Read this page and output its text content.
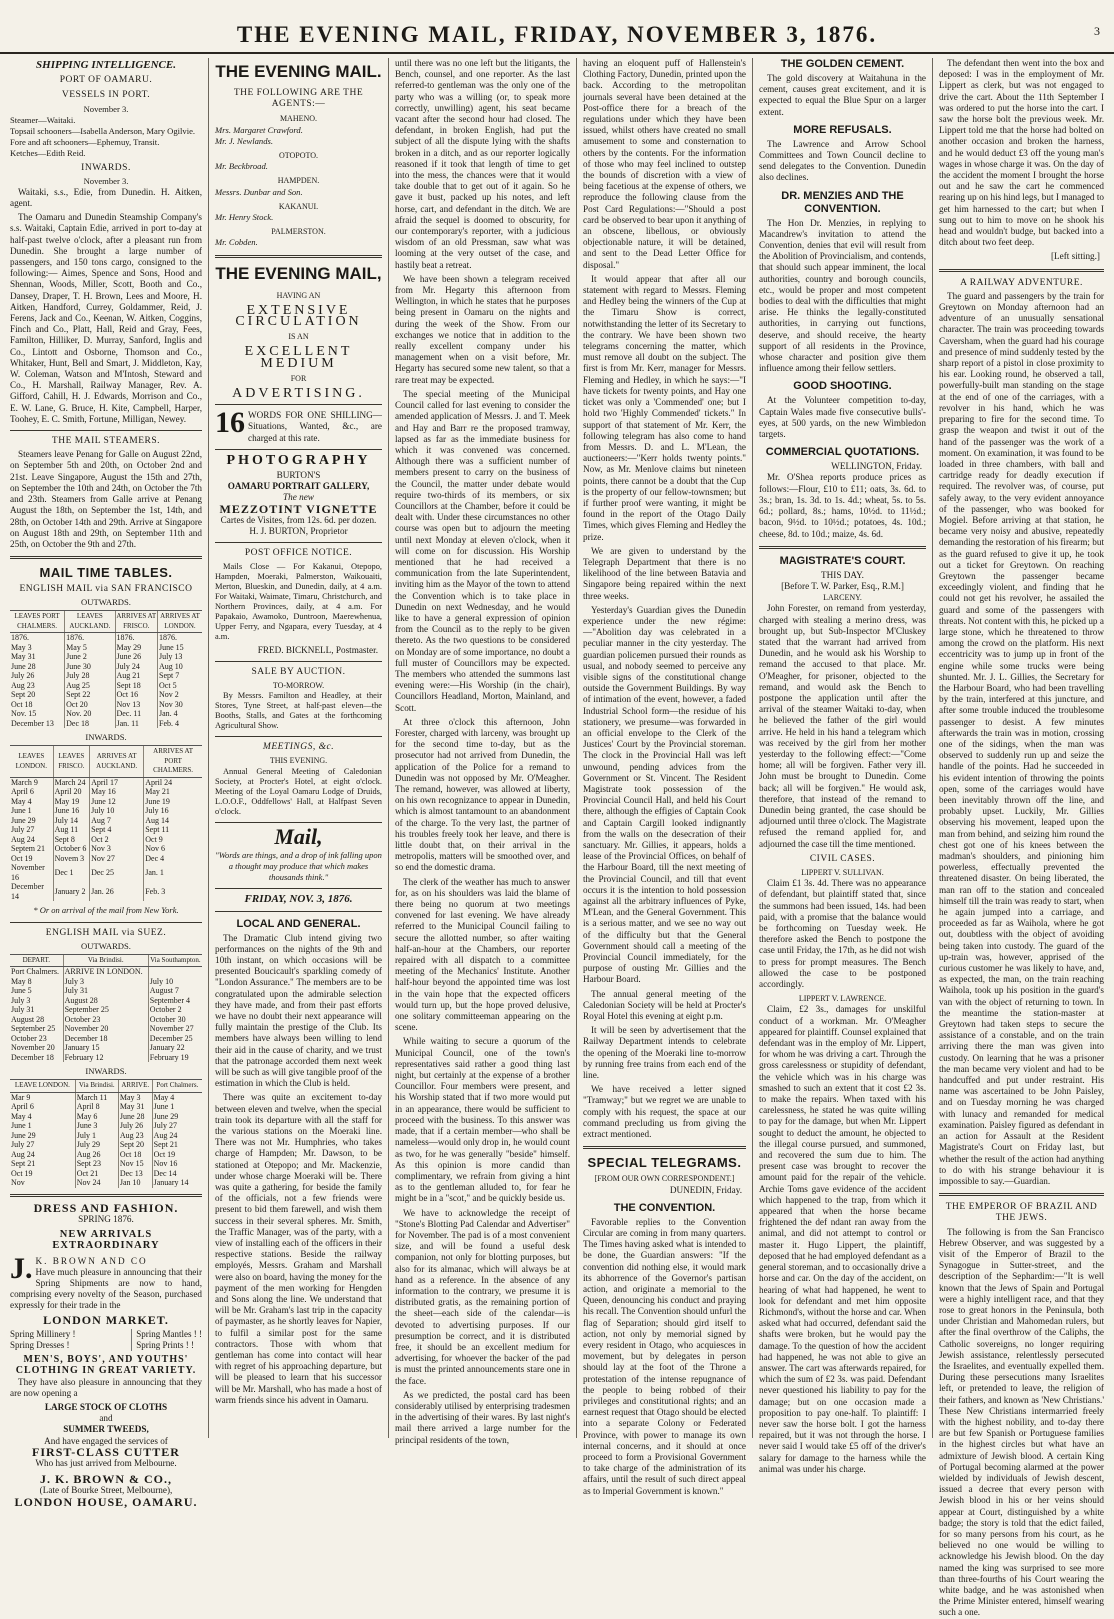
THE EVENING MAIL, FRIDAY, NOVEMBER 3, 1876.	3
SHIPPING INTELLIGENCE.
PORT OF OAMARU.
VESSELS IN PORT.
November 3.
Steamer—Waitaki.
Topsail schooners—Isabella Anderson, Mary Ogilvie.
Fore and aft schooners—Ephemuy, Transit.
Ketches—Edith Reid.
INWARDS.
November 3.

Waitaki, s.s., Edie, from Dunedin. H. Aitken, agent.

The Oamaru and Dunedin Steamship Company's s.s. Waitaki, Captain Edie, arrived in port to-day at half-past twelve o'clock, after a pleasant run from Dunedin. She brought a large number of passengers, and 150 tons cargo, consigned to the following:— Aimes, Spence and Sons, Hood and Shennan, Woods, Miller, Scott, Booth and Co., Dansey, Draper, T. H. Brown, Lees and Moore, H. Aitken, Handford, Currey, Goldammer, Reid, J. Ferens, Jack and Co., Keenan, W. Aitken, Coggins, Finch and Co., Platt, Hall, Reid and Gray, Fees, Familton, Hilliker, D. Murray, Sanford, Inglis and Co., Lintott and Osborne, Thomson and Co., Whitaker, Hunt, Bell and Smart, J. Middleton, Kay, W. Coleman, Watson and M'Intosh, Steward and Co., H. Marshall, Railway Manager, Rev. A. Gifford, Cahill, H. J. Edwards, Morrison and Co., E. W. Lane, G. Bruce, H. Kite, Campbell, Harper, Toohey, E. C. Smith, Fortune, Milligan, Newey.

THE MAIL STEAMERS.

Steamers leave Penang for Galle on August 22nd, on September 5th and 20th, on October 2nd and 21st. Leave Singapore, August the 15th and 27th, on September the 10th and 24th, on October the 7th and 23th. Steamers from Galle arrive at Penang August the 18th, on September the 1st, 14th, and 28th, on October 14th and 29th. Arrive at Singapore on August 18th and 29th, on September 11th and 25th, on October the 9th and 27th.

MAIL TIME TABLES.
ENGLISH MAIL via SAN FRANCISCO
OUTWARDS.
LEAVES PORT CHALMERS.	LEAVES AUCKLAND.	ARRIVES AT FRISCO.	ARRIVES AT LONDON.
1876.	1876.	1876.	1876.
May 3	May 5	May 29	June 15
May 31	June 2	June 26	July 13
June 28	June 30	July 24	Aug 10
July 26	July 28	Aug 21	Sept 7
Aug 23	Aug 25	Sept 18	Oct 5
Sept 20	Sept 22	Oct 16	Nov 2
Oct 18	Oct 20	Nov 13	Nov 30
Nov. 15	Nov. 20	Dec. 11	Jan. 4
December 13	Dec 18	Jan. 11	Feb. 4
INWARDS.
LEAVES LONDON.	LEAVES FRISCO.	ARRIVES AT AUCKLAND.	ARRIVES AT PORT CHALMERS.
March 9	March 24	April 17	April 24
April 6	April 20	May 16	May 21
May 4	May 19	June 12	June 19
June 1	June 16	July 10	July 16
June 29	July 14	Aug 7	Aug 14
July 27	Aug 11	Sept 4	Sept 11
Aug 24	Sept 8	Oct 2	Oct 9
Septem 21	October 6	Nov 3	Nov 6
Oct 19	Novem 3	Nov 27	Dec 4
November 16	Dec 1	Dec 25	Jan. 1
December 14	January 2	Jan. 26	Feb. 3
* Or on arrival of the mail from New York.
ENGLISH MAIL via SUEZ.
OUTWARDS.
DEPART.	Via Brindisi.	Via Southampton.
Port Chalmers.	ARRIVE IN LONDON.	
May 8	July 3	July 10
June 5	July 31	August 7
July 3	August 28	September 4
July 31	September 25	October 2
August 28	October 23	October 30
September 25	November 20	November 27
October 23	December 18	December 25
November 20	January 15	January 22
December 18	February 12	February 19
INWARDS.
LEAVE LONDON.	Via Brindisi.	ARRIVE.	Port Chalmers.
Mar 9	March 11	May 3	May 4
April 6	April 8	May 31	June 1
May 4	May 6	June 28	June 29
June 1	June 3	July 26	July 27
June 29	July 1	Aug 23	Aug 24
July 27	July 29	Sept 20	Sept 21
Aug 24	Aug 26	Oct 18	Oct 19
Sept 21	Sept 23	Nov 15	Nov 16
Oct 19	Oct 21	Dec 13	Dec 14
Nov	Nov 24	Jan 10	January 14
DRESS AND FASHION.
SPRING 1876.
NEW ARRIVALS EXTRAORDINARY
J. K. BROWN AND CO

Have much pleasure in announcing that their Spring Shipments are now to hand, comprising every novelty of the Season, purchased expressly for their trade in the

LONDON MARKET.
Spring Millinery !
Spring Dresses !
Spring Mantles ! !
Spring Prints ! !
MEN'S, BOYS', AND YOUTHS' CLOTHING IN GREAT VARIETY.

They have also pleasure in announcing that they are now opening a

LARGE STOCK OF CLOTHS
and
SUMMER TWEEDS,
And have engaged the services of
FIRST-CLASS CUTTER
Who has just arrived from Melbourne.
J. K. BROWN & CO.,
(Late of Bourke Street, Melbourne),
LONDON HOUSE, OAMARU.
THE EVENING MAIL.
THE FOLLOWING ARE THE AGENTS:—
MAHENO.
Mrs. Margaret Crawford.
Mr. J. Newlands.
OTOPOTO.
Mr. Beckbroad.
HAMPDEN.
Messrs. Dunbar and Son.
KAKANUI.
Mr. Henry Stock.
PALMERSTON.
Mr. Cobden.
THE EVENING MAIL,
HAVING AN
EXTENSIVE CIRCULATION
IS AN
EXCELLENT MEDIUM
FOR
ADVERTISING.
16 WORDS FOR ONE SHILLING—Situations, Wanted, &c., are charged at this rate.

PHOTOGRAPHY
BURTON'S
OAMARU PORTRAIT GALLERY,
The new
MEZZOTINT VIGNETTE
Cartes de Visites, from 12s. 6d. per dozen.
H. J. BURTON, Proprietor
POST OFFICE NOTICE.

Mails Close — For Kakanui, Otepopo, Hampden, Moeraki, Palmerston, Waikouaiti, Merton, Blueskin, and Dunedin, daily, at 4 a.m. For Waitaki, Waimate, Timaru, Christchurch, and Northern Provinces, daily, at 4 a.m. For Papakaio, Awamoko, Duntroon, Maerewhenua, Upper Ferry, and Ngapara, every Tuesday, at 4 a.m.

FRED. BICKNELL, Postmaster.
SALE BY AUCTION.
TO-MORROW.

By Messrs. Familton and Headley, at their Stores, Tyne Street, at half-past eleven—the Booths, Stalls, and Gates at the forthcoming Agricultural Show.

MEETINGS, &c.
THIS EVENING.

Annual General Meeting of Caledonian Society, at Procter's Hotel, at eight o'clock. Meeting of the Loyal Oamaru Lodge of Druids, L.O.O.F., Oddfellows' Hall, at Halfpast Seven o'clock.

Mail,
"Words are things, and a drop of ink falling upon a thought may produce that which makes thousands think."
FRIDAY, NOV. 3, 1876.
LOCAL AND GENERAL.

The Dramatic Club intend giving two performances on the nights of the 9th and 10th instant, on which occasions will be presented Boucicault's sparkling comedy of "London Assurance." The members are to be congratulated upon the admirable selection they have made, and from their past efforts we have no doubt their next appearance will fully maintain the prestige of the Club. Its members have always been willing to lend their aid in the cause of charity, and we trust that the patronage accorded them next week will be such as will give tangible proof of the estimation in which the Club is held.

There was quite an excitement to-day between eleven and twelve, when the special train took its departure with all the staff for the various stations on the Moeraki line. There was not Mr. Humphries, who takes charge of Hampden; Mr. Dawson, to be stationed at Otepopo; and Mr. Mackenzie, under whose charge Moeraki will be. There was quite a gathering, for beside the family of the officials, not a few friends were present to bid them farewell, and wish them success in their several spheres. Mr. Smith, the Traffic Manager, was of the party, with a view of installing each of the officers in their respective stations. Beside the railway employés, Messrs. Graham and Marshall were also on board, having the money for the payment of the men working for Hengden and Sons along the line. We understand that will be Mr. Graham's last trip in the capacity of paymaster, as he shortly leaves for Napier, to fulfil a similar post for the same contractors. Those with whom that gentleman has come into contact will hear with regret of his approaching departure, but will be pleased to learn that his successor will be Mr. Marshall, who has made a host of warm friends since his advent in Oamaru.

until there was no one left but the litigants, the Bench, counsel, and one reporter. As the last referred-to gentleman was the only one of the party who was a willing (or, to speak more correctly, unwilling) agent, his seat became vacant after the second hour had closed. The defendant, in broken English, had put the subject of all the dispute lying with the shafts broken in a ditch, and as our reporter logically reasoned if it took that length of time to get into the mess, the chances were that it would take double that to get out of it again. So he gave it bust, packed up his notes, and left horse, cart, and defendant in the ditch. We are afraid the sequel is doomed to obscurity, for our contemporary's reporter, with a judicious wisdom of an old Pressman, saw what was looming at the very outset of the case, and hastily beat a retreat.

We have been shown a telegram received from Mr. Hegarty this afternoon from Wellington, in which he states that he purposes being present in Oamaru on the nights and during the week of the Show. From our exchanges we notice that in addition to the really excellent company under his management when on a visit before, Mr. Hegarty has secured some new talent, so that a rare treat may be expected.

The special meeting of the Municipal Council called for last evening to consider the amended application of Messrs. J. and T. Meek and Hay and Barr re the proposed tramway, lapsed as far as the immediate business for which it was convened was concerned. Although there was a sufficient number of members present to carry on the business of the Council, the matter under debate would require two-thirds of its members, or six Councillors at the Chamber, before it could be dealt with. Under these circumstances no other course was open but to adjourn the meeting until next Monday at eleven o'clock, when it will come on for discussion. His Worship mentioned that he had received a communication from the late Superintendent, inviting him as the Mayor of the town to attend the Convention which is to take place in Dunedin on next Wednesday, and he would like to have a general expression of opinion from the Council as to the reply to be given thereto. As the two questions to be considered on Monday are of some importance, no doubt a full muster of Councillors may be expected. The members who attended the summons last evening were:—His Worship (in the chair), Councillors Headland, Morton, Mainland, and Scott.

At three o'clock this afternoon, John Forester, charged with larceny, was brought up for the second time to-day, but as the prosecutor had not arrived from Dunedin, the application of the Police for a remand to Dunedin was not opposed by Mr. O'Meagher. The remand, however, was allowed at liberty, on his own recognizance to appear in Dunedin, which is almost tantamount to an abandonment of the charge. To the very last, the partner of his troubles freely took her leave, and there is little doubt that, on their arrival in the metropolis, matters will be smoothed over, and so end the domestic drama.

The clerk of the weather has much to answer for, as on his shoulders was laid the blame of there being no quorum at two meetings convened for last evening. We have already referred to the Municipal Council failing to secure the allotted number, so after waiting half-an-hour at the Chambers, our reporter repaired with all dispatch to a committee meeting of the Mechanics' Institute. Another half-hour beyond the appointed time was lost in the vain hope that the expected officers would turn up, but the hope proved delusive, one solitary committeeman appearing on the scene.

While waiting to secure a quorum of the Municipal Council, one of the town's representatives said rather a good thing last night, but certainly at the expense of a brother Councillor. Four members were present, and his Worship stated that if two more would put in an appearance, there would be sufficient to proceed with the business. To this answer was made, that if a certain member—who shall be nameless—would only drop in, he would count as two, for he was generally "beside" himself. As this opinion is more candid than complimentary, we refrain from giving a hint as to the gentleman alluded to, for fear he might be in a "scot," and be quickly beside us.

We have to acknowledge the receipt of "Stone's Blotting Pad Calendar and Advertiser" for November. The pad is of a most convenient size, and will be found a useful desk companion, not only for blotting purposes, but also for its almanac, which will always be at hand as a reference. In the absence of any information to the contrary, we presume it is distributed gratis, as the remaining portion of the sheet—each side of the calendar—is devoted to advertising purposes. If our presumption be correct, and it is distributed free, it should be an excellent medium for advertising, for whoever the backer of the pad is must the printed announcements stare one in the face.

As we predicted, the postal card has been considerably utilised by enterprising tradesmen in the advertising of their wares. By last night's mail there arrived a large number for the principal residents of the town,

having an eloquent puff of Hallenstein's Clothing Factory, Dunedin, printed upon the back. According to the metropolitan journals several have been detained at the Post-office there for a breach of the regulations under which they have been issued, whilst others have created no small amusement to some and consternation to others by the contents. For the information of those who may feel inclined to outstep the bounds of discretion with a view of being facetious at the expense of others, we reproduce the following clause from the Post Card Regulations:—"Should a post card be observed to bear upon it anything of an obscene, libellous, or obviously objectionable nature, it will be detained, and sent to the Dead Letter Office for disposal."

It would appear that after all our statement with regard to Messrs. Fleming and Hedley being the winners of the Cup at the Timaru Show is correct, notwithstanding the letter of its Secretary to the contrary. We have been shown two telegrams concerning the matter, which must remove all doubt on the subject. The first is from Mr. Kerr, manager for Messrs. Fleming and Hedley, in which he says:—"I have tickets for twenty points, and Hay one ticket was only a 'Commended' one; but I hold two 'Highly Commended' tickets." In support of that statement of Mr. Kerr, the following telegram has also come to hand from Messrs. D. and L. M'Lean, the auctioneers:—"Kerr holds twenty points." Now, as Mr. Menlove claims but nineteen points, there cannot be a doubt that the Cup is the property of our fellow-townsmen; but if further proof were wanting, it might be found in the report of the Otago Daily Times, which gives Fleming and Hedley the prize.

We are given to understand by the Telegraph Department that there is no likelihood of the line between Batavia and Singapore being repaired within the next three weeks.

Yesterday's Guardian gives the Dunedin experience under the new régime:—"Abolition day was celebrated in a peculiar manner in the city yesterday. The guardian policemen pursued their rounds as usual, and nobody seemed to perceive any visible signs of the constitutional change outside the Government Buildings. By way of intimation of the event, however, a faded Industrial School form—the residue of his stationery, we presume—was forwarded in an official envelope to the Clerk of the Justices' Court by the Provincial storeman. The clock in the Provincial Hall was left unwound, pending advices from the Government or St. Vincent. The Resident Magistrate took possession of the Provincial Council Hall, and held his Court there, although the effigies of Captain Cook and Captain Cargill looked indignantly from the walls on the desecration of their sanctuary. Mr. Gillies, it appears, holds a lease of the Provincial Offices, on behalf of the Harbour Board, till the next meeting of the Provincial Council, and till that event occurs it is the intention to hold possession against all the arbitrary influences of Pyke, M'Lean, and the General Government. This is a serious matter, and we see no way out of the difficulty but that the General Government should call a meeting of the Provincial Council immediately, for the purpose of ousting Mr. Gillies and the Harbour Board.

The annual general meeting of the Caledonian Society will be held at Procter's Royal Hotel this evening at eight p.m.

It will be seen by advertisement that the Railway Department intends to celebrate the opening of the Moeraki line to-morrow by running free trains from each end of the line.

We have received a letter signed "Tramway;" but we regret we are unable to comply with his request, the space at our command precluding us from giving the extract mentioned.

SPECIAL TELEGRAMS.
[FROM OUR OWN CORRESPONDENT.]
DUNEDIN, Friday.
THE CONVENTION.

Favorable replies to the Convention Circular are coming in from many quarters. The Times having asked what is intended to be done, the Guardian answers: "If the convention did nothing else, it would mark its abhorrence of the Governor's partisan action, and originate a memorial to the Queen, denouncing his conduct and praying his recall. The Convention should unfurl the flag of Separation; should gird itself to action, not only by memorial signed by every resident in Otago, who acquiesces in movement, but by delegates in person should lay at the foot of the Throne a protestation of the intense repugnance of the people to being robbed of their privileges and constitutional rights; and an earnest request that Otago should be elected into a separate Colony or Federated Province, with power to manage its own internal concerns, and it should at once proceed to form a Provisional Government to take charge of the administration of its affairs, until the result of such direct appeal as to Imperial Government is known."

THE GOLDEN CEMENT.

The gold discovery at Waitahuna in the cement, causes great excitement, and it is expected to equal the Blue Spur on a larger extent.

MORE REFUSALS.

The Lawrence and Arrow School Committees and Town Council decline to send delegates to the Convention. Dunedin also declines.

DR. MENZIES AND THE CONVENTION.

The Hon Dr. Menzies, in replying to Macandrew's invitation to attend the Convention, denies that evil will result from the Abolition of Provincialism, and contends, that should such appear imminent, the local authorities, country and borough councils, etc., would be proper and most competent bodies to deal with the difficulties that might arise. He thinks the legally-constituted authorities, in carrying out functions, deserve, and should receive, the hearty support of all residents in the Province, whose character and position give them influence among their fellow settlers.

GOOD SHOOTING.

At the Volunteer competition to-day, Captain Wales made five consecutive bulls'-eyes, at 500 yards, on the new Wimbledon targets.

COMMERCIAL QUOTATIONS.
WELLINGTON, Friday.

Mr. O'Shea reports produce prices as follows:—Flour, £10 to £11; oats, 3s. 6d. to 3s.; bran, 1s. 3d. to 1s. 4d.; wheat, 5s. to 5s. 6d.; pollard, 8s.; hams, 10½d. to 11½d.; bacon, 9½d. to 10½d.; potatoes, 4s. 10d.; cheese, 8d. to 10d.; maize, 4s. 6d.

MAGISTRATE'S COURT.
THIS DAY.
[Before T. W. Parker, Esq., R.M.]
LARCENY.

John Forester, on remand from yesterday, charged with stealing a merino dress, was brought up, but Sub-Inspector M'Cluskey stated that the warrant had arrived from Dunedin, and he would ask his Worship to remand the accused to that place. Mr. O'Meagher, for prisoner, objected to the remand, and would ask the Bench to postpone the application until after the arrival of the steamer Waitaki to-day, when he believed the father of the girl would arrive. He held in his hand a telegram which was received by the girl from her mother yesterday to the following effect:—"Come home; all will be forgiven. Father very ill. John must be brought to Dunedin. Come back; all will be forgiven." He would ask, therefore, that instead of the remand to Dunedin being granted, the case should be adjourned until three o'clock. The Magistrate refused the remand applied for, and adjourned the case till the time mentioned.

CIVIL CASES.
LIPPERT V. SULLIVAN.

Claim £1 3s. 4d. There was no appearance of defendant, but plaintiff stated that, since the summons had been issued, 14s. had been paid, with a promise that the balance would be forthcoming on Tuesday week. He therefore asked the Bench to postpone the case until Friday, the 17th, as he did not wish to press for prompt measures. The Bench allowed the case to be postponed accordingly.

LIPPERT V. LAWRENCE.

Claim, £2 3s., damages for unskilful conduct of a workman. Mr. O'Meagher appeared for plaintiff. Counsel explained that defendant was in the employ of Mr. Lippert, for whom he was driving a cart. Through the gross carelessness or stupidity of defendant, the vehicle which was in his charge was smashed to such an extent that it cost £2 3s. to make the repairs. When taxed with his carelessness, he stated he was quite willing to pay for the damage, but when Mr. Lippert sought to deduct the amount, he objected to the illegal course pursued, and summoned, and recovered the sum due to him. The present case was brought to recover the amount paid for the repair of the vehicle. Archie Toms gave evidence of the accident which happened to the trap, from which it appeared that when the horse became frightened the def ndant ran away from the animal, and did not attempt to control or master it. Hugo Lippert, the plaintiff, deposed that he had employed defendant as a general storeman, and to occasionally drive a horse and car. On the day of the accident, on hearing of what had happened, he went to look for defendant and met him opposite Richmond's, without the horse and car. When asked what had occurred, defendant said the shafts were broken, but he would pay the damage. To the question of how the accident had happened, he was not able to give an answer. The cart was afterwards repaired, for which the sum of £2 3s. was paid. Defendant never questioned his liability to pay for the damage; but on one occasion made a proposition to pay one-half. To plaintiff: I never saw the horse bolt. I got the harness repaired, but it was not through the horse. I never said I would take £5 off of the driver's salary for damage to the harness while the animal was under his charge.

The defendant then went into the box and deposed: I was in the employment of Mr. Lippert as clerk, but was not engaged to drive the cart. About the 11th September I was ordered to put the horse into the cart. I saw the horse bolt the previous week. Mr. Lippert told me that the horse had bolted on another occasion and broken the harness, and he would deduct £3 off the young man's wages in whose charge it was. On the day of the accident the moment I brought the horse out and he saw the cart he commenced rearing up on his hind legs, but I managed to get him harnessed to the cart; but when I sung out to him to move on he shook his head and wouldn't budge, but backed into a ditch about two feet deep.

[Left sitting.]
A RAILWAY ADVENTURE.

The guard and passengers by the train for Greytown on Monday afternoon had an adventure of an unusually sensational character. The train was proceeding towards Caversham, when the guard had his courage and presence of mind suddenly tested by the sharp report of a pistol in close proximity to his ear. Looking round, he observed a tall, powerfully-built man standing on the stage at the end of one of the carriages, with a revolver in his hand, which he was preparing to fire for the second time. To grasp the weapon and twist it out of the hand of the passenger was the work of a moment. On examination, it was found to be loaded in three chambers, with ball and cartridge ready for deadly execution if required. The revolver was, of course, put safely away, to the very evident annoyance of the passenger, who was booked for Mogiel. Before arriving at that station, he became very noisy and abusive, repeatedly demanding the restoration of his firearm; but as the guard refused to give it up, he took out a ticket for Greytown. On reaching Greytown the passenger became exceedingly violent, and finding that he could not get his revolver, he assailed the guard and some of the passengers with threats. Not content with this, he picked up a large stone, which he threatened to throw among the crowd on the platform. His next eccentricity was to jump up in front of the engine while some trucks were being shunted. Mr. J. L. Gillies, the Secretary for the Harbour Board, who had been travelling by the train, interfered at this juncture, and after some trouble induced the troublesome passenger to desist. A few minutes afterwards the train was in motion, crossing one of the sidings, when the man was observed to suddenly run up and seize the handle of the points. Had he succeeded in his evident intention of throwing the points open, some of the carriages would have been inevitably thrown off the line, and probably upset. Luckily, Mr. Gillies observing his movement, leaped upon the man from behind, and seizing him round the chest got one of his knees between the madman's shoulders, and pinioning him powerless, effectually prevented the threatened disaster. On being liberated, the man ran off to the station and concealed himself till the train was ready to start, when he again jumped into a carriage, and proceeded as far as Waihola, where he got out, doubtless with the object of avoiding being taken into custody. The guard of the up-train was, however, apprised of the curious customer he was likely to have, and, as expected, the man, on the train reaching Waihola, took up his position in the guard's van with the object of returning to town. In the meantime the station-master at Greytown had taken steps to secure the assistance of a constable, and on the train arriving there the man was given into custody. On learning that he was a prisoner the man became very violent and had to be handcuffed and put under restraint. His name was ascertained to be John Paisley, and on Tuesday morning he was charged with lunacy and remanded for medical examination. Paisley figured as defendant in an action for Assault at the Resident Magistrate's Court on Friday last, but whether the result of the action had anything to do with his strange behaviour it is impossible to say.—Guardian.

THE EMPEROR OF BRAZIL AND THE JEWS.

The following is from the San Francisco Hebrew Observer, and was suggested by a visit of the Emperor of Brazil to the Synagogue in Sutter-street, and the description of the Sephardim:—"It is well known that the Jews of Spain and Portugal were a highly intelligent race, and that they rose to great honors in the Peninsula, both under Christian and Mahomedan rulers, but after the final overthrow of the Caliphs, the Catholic sovereigns, no longer requiring Jewish assistance, relentlessly persecuted the Israelites, and eventually expelled them. During these persecutions many Israelites left, or pretended to leave, the religion of their fathers, and known as 'New Christians.' These New Christians intermarried freely with the highest nobility, and to-day there are but few Spanish or Portuguese families in the highest circles but what have an admixture of Jewish blood. A certain King of Portugal becoming alarmed at the power wielded by individuals of Jewish descent, issued a decree that every person with Jewish blood in his or her veins should appear at Court, distinguished by a white badge; the story is told that the edict failed, for so many persons from his court, as he believed no one would be willing to acknowledge his Jewish blood. On the day named the king was surprised to see more than three-fourths of his Court wearing the white badge, and he was astonished when the Prime Minister entered, himself wearing such a one.
